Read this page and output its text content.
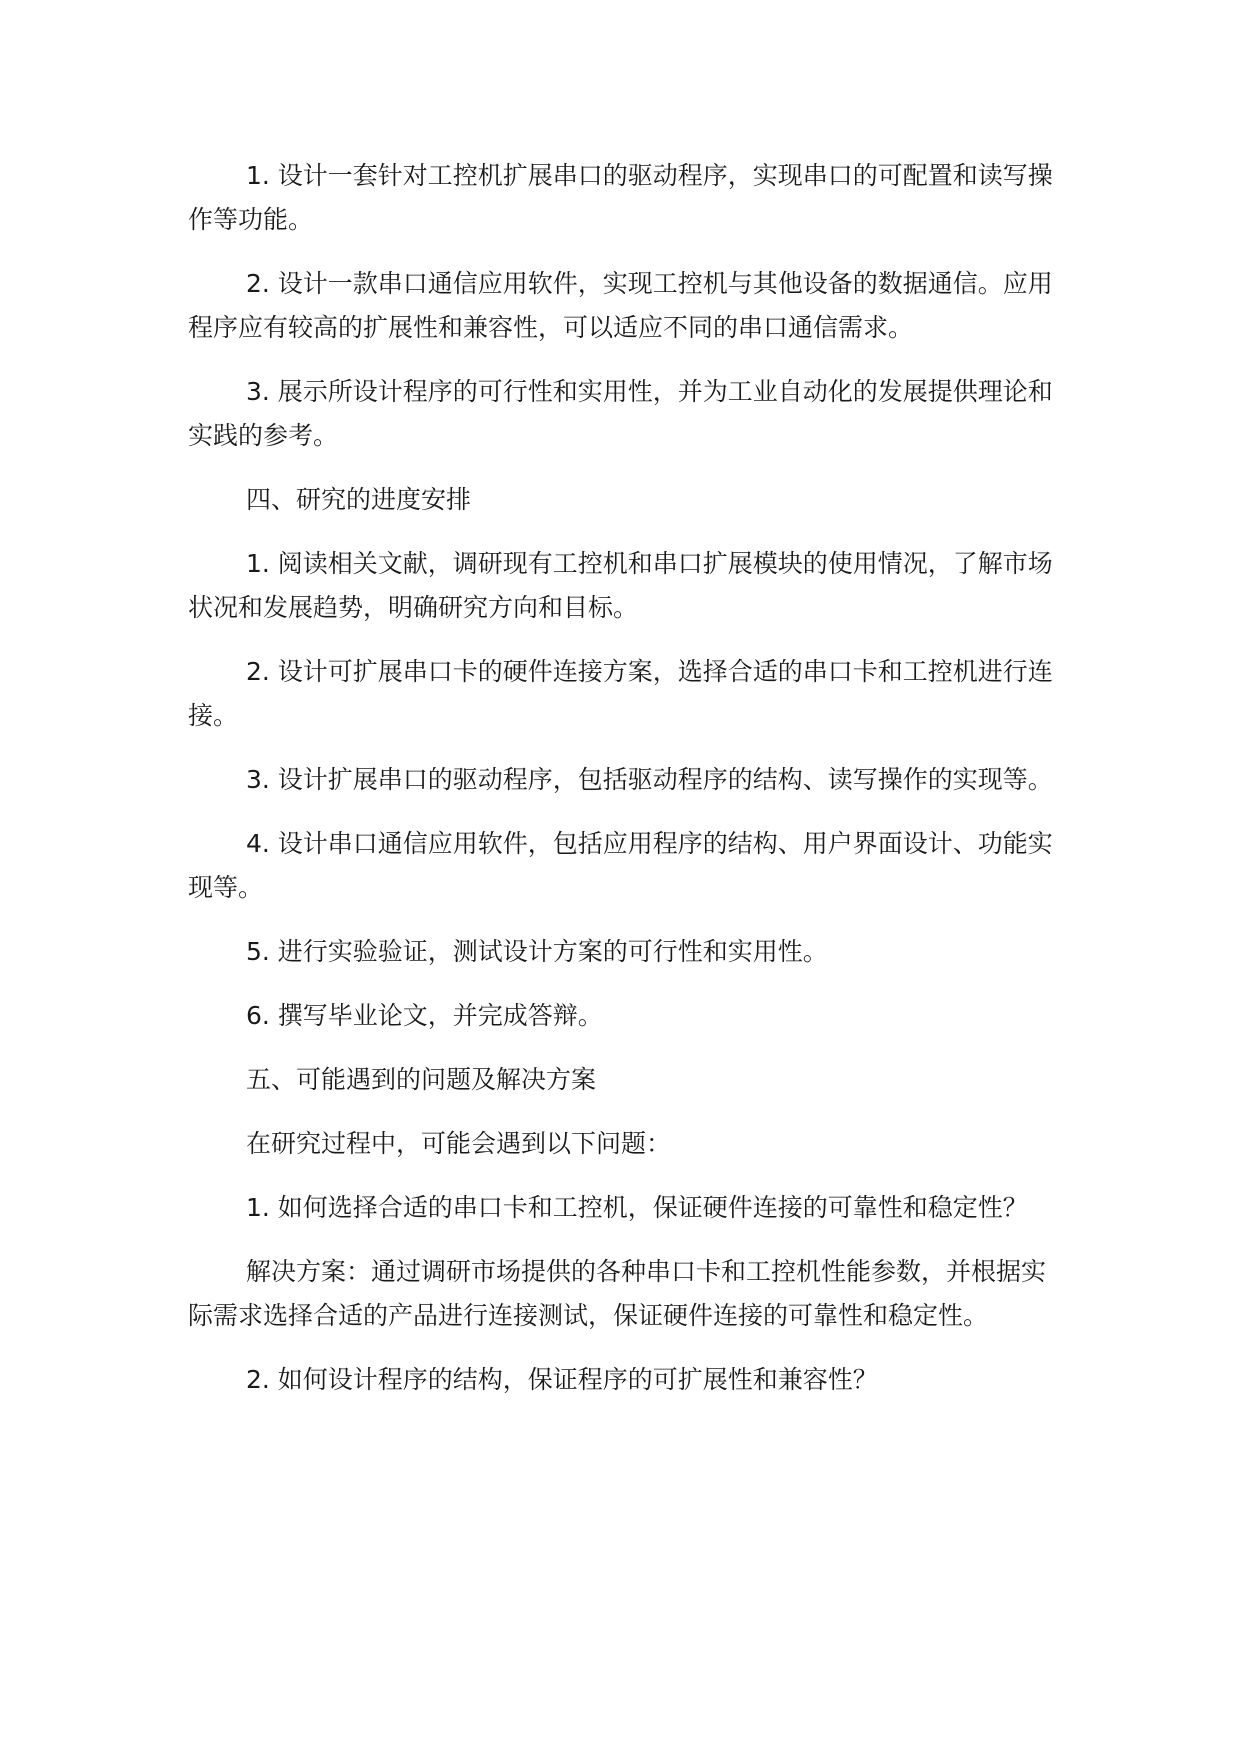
1. 设计一套针对工控机扩展串口的驱动程序，实现串口的可配置和读写操作等功能。

2. 设计一款串口通信应用软件，实现工控机与其他设备的数据通信。应用程序应有较高的扩展性和兼容性，可以适应不同的串口通信需求。

3. 展示所设计程序的可行性和实用性，并为工业自动化的发展提供理论和实践的参考。

四、研究的进度安排

1. 阅读相关文献，调研现有工控机和串口扩展模块的使用情况，了解市场状况和发展趋势，明确研究方向和目标。

2. 设计可扩展串口卡的硬件连接方案，选择合适的串口卡和工控机进行连接。

3. 设计扩展串口的驱动程序，包括驱动程序的结构、读写操作的实现等。

4. 设计串口通信应用软件，包括应用程序的结构、用户界面设计、功能实现等。

5. 进行实验验证，测试设计方案的可行性和实用性。

6. 撰写毕业论文，并完成答辩。

五、可能遇到的问题及解决方案

在研究过程中，可能会遇到以下问题：

1. 如何选择合适的串口卡和工控机，保证硬件连接的可靠性和稳定性？

解决方案：通过调研市场提供的各种串口卡和工控机性能参数，并根据实际需求选择合适的产品进行连接测试，保证硬件连接的可靠性和稳定性。

2. 如何设计程序的结构，保证程序的可扩展性和兼容性？
